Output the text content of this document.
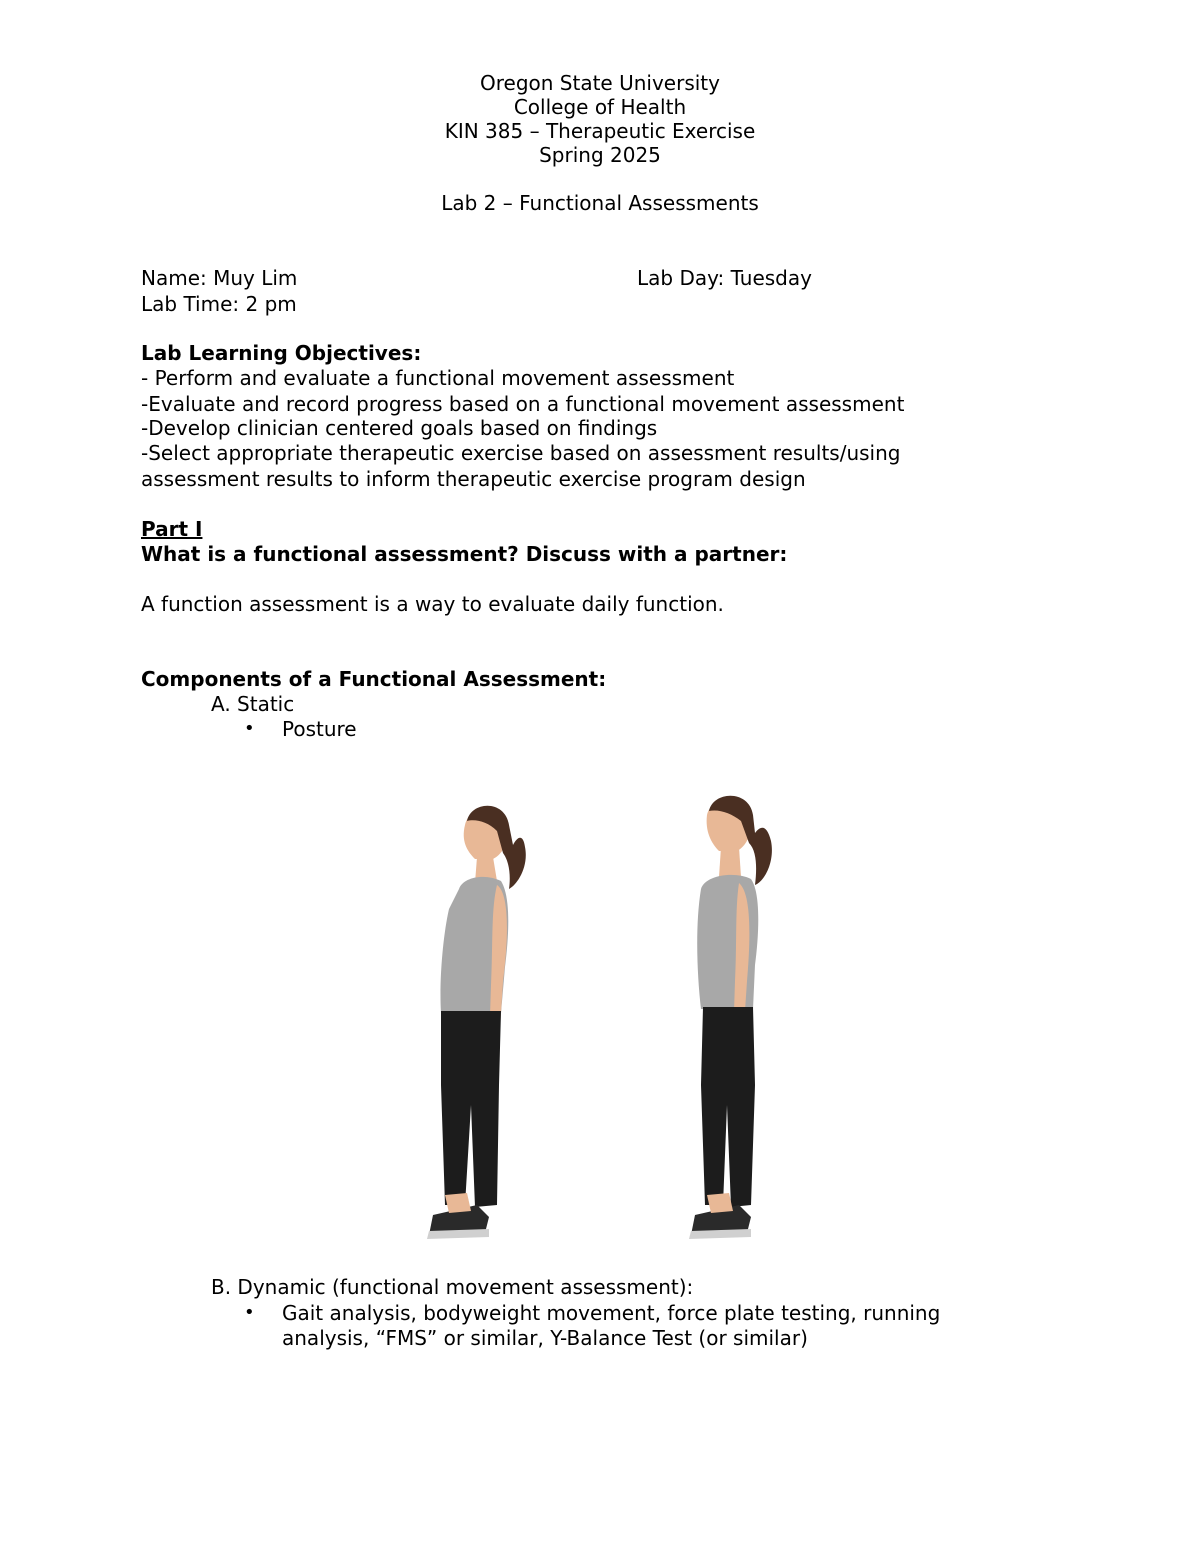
Oregon State University
College of Health
KIN 385 – Therapeutic Exercise
Spring 2025
Lab 2 – Functional Assessments
Name: Muy Lim	Lab Day: Tuesday
Lab Time: 2 pm
Lab Learning Objectives:
- Perform and evaluate a functional movement assessment
-Evaluate and record progress based on a functional movement assessment
-Develop clinician centered goals based on findings
-Select appropriate therapeutic exercise based on assessment results/using
assessment results to inform therapeutic exercise program design
Part I
What is a functional assessment? Discuss with a partner:
A function assessment is a way to evaluate daily function.
Components of a Functional Assessment:
A. Static
• Posture
B. Dynamic (functional movement assessment):
• Gait analysis, bodyweight movement, force plate testing, running
analysis, “FMS” or similar, Y-Balance Test (or similar)
